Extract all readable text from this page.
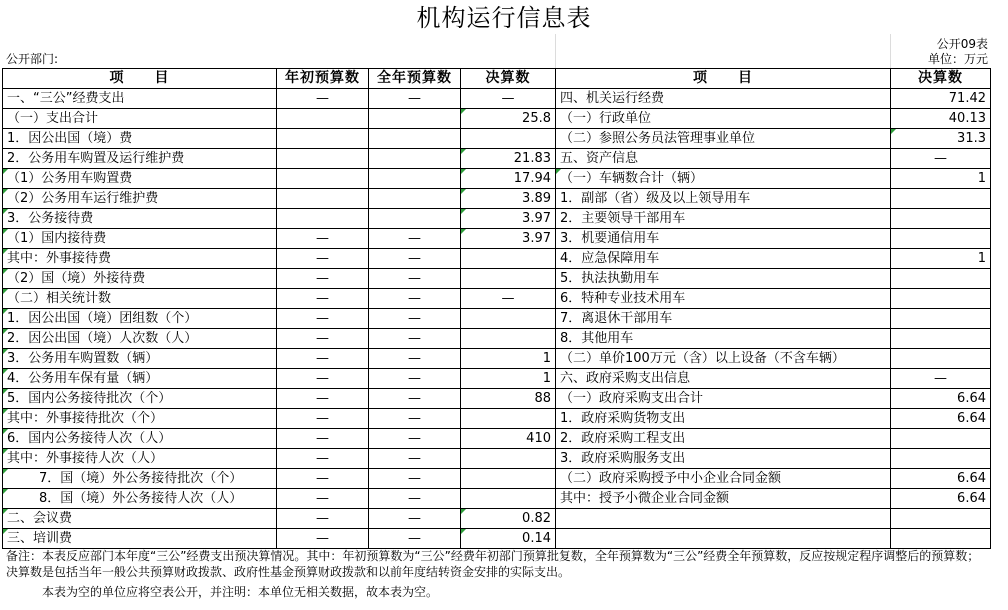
机构运行信息表
公开09表
公开部门:	单位：万元
项　　目	年初预算数	全年预算数	决算数	项　　目	决算数
一、“三公”经费支出	—	—	—	四、机关运行经费	71.42
（一）支出合计			25.8	（一）行政单位	40.13
1．因公出国（境）费				（二）参照公务员法管理事业单位	31.3
2．公务用车购置及运行维护费			21.83	五、资产信息	—
（1）公务用车购置费			17.94	（一）车辆数合计（辆）	1
（2）公务用车运行维护费			3.89	1．副部（省）级及以上领导用车	
3．公务接待费			3.97	2．主要领导干部用车	
（1）国内接待费	—	—	3.97	3．机要通信用车	
其中：外事接待费	—	—		4．应急保障用车	1
（2）国（境）外接待费	—	—		5．执法执勤用车	
（二）相关统计数	—	—	—	6．特种专业技术用车	
1．因公出国（境）团组数（个）	—	—		7．离退休干部用车	
2．因公出国（境）人次数（人）	—	—		8．其他用车	
3．公务用车购置数（辆）	—	—	1	（二）单价100万元（含）以上设备（不含车辆）	
4．公务用车保有量（辆）	—	—	1	六、政府采购支出信息	—
5．国内公务接待批次（个）	—	—	88	（一）政府采购支出合计	6.64
其中：外事接待批次（个）	—	—		1．政府采购货物支出	6.64
6．国内公务接待人次（人）	—	—	410	2．政府采购工程支出	
其中：外事接待人次（人）	—	—		3．政府采购服务支出	
7．国（境）外公务接待批次（个）	—	—		（二）政府采购授予中小企业合同金额	6.64
8．国（境）外公务接待人次（人）	—	—		其中：授予小微企业合同金额	6.64
二、会议费	—	—	0.82		
三、培训费	—	—	0.14		
备注：本表反应部门本年度“三公”经费支出预决算情况。其中：年初预算数为“三公”经费年初部门预算批复数，全年预算数为“三公”经费全年预算数，反应按规定程序调整后的预算数；决算数是包括当年一般公共预算财政拨款、政府性基金预算财政拨款和以前年度结转资金安排的实际支出。
本表为空的单位应将空表公开，并注明：本单位无相关数据，故本表为空。
